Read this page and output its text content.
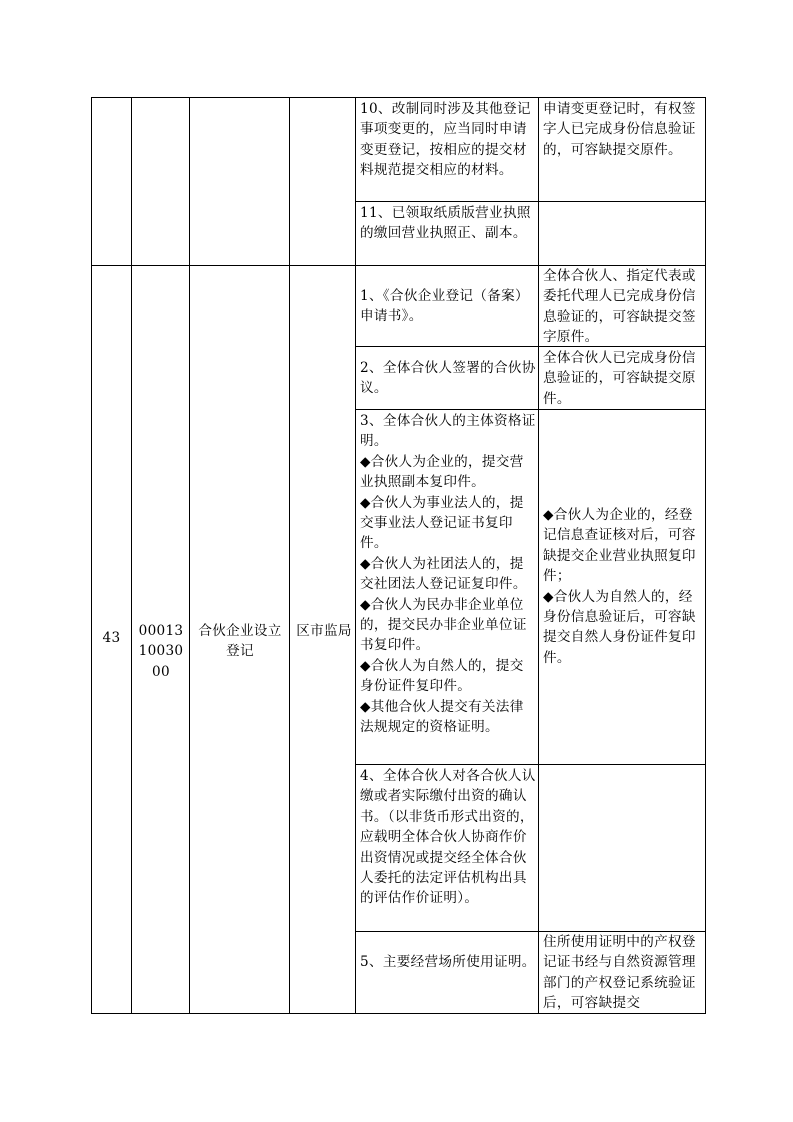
10、改制同时涉及其他登记事项变更的，应当同时申请变更登记，按相应的提交材料规范提交相应的材料。
申请变更登记时，有权签字人已完成身份信息验证的，可容缺提交原件。
11、已领取纸质版营业执照的缴回营业执照正、副本。
43	000131003000
合伙企业设立登记
区市监局
1、《合伙企业登记（备案）申请书》。
全体合伙人、指定代表或委托代理人已完成身份信息验证的，可容缺提交签字原件。
2、全体合伙人签署的合伙协议。
全体合伙人已完成身份信息验证的，可容缺提交原件。
3、全体合伙人的主体资格证明。
◆合伙人为企业的，提交营业执照副本复印件。
◆合伙人为事业法人的，提交事业法人登记证书复印件。
◆合伙人为社团法人的，提交社团法人登记证复印件。
◆合伙人为民办非企业单位的，提交民办非企业单位证书复印件。
◆合伙人为自然人的，提交身份证件复印件。
◆其他合伙人提交有关法律法规规定的资格证明。
◆合伙人为企业的，经登记信息查证核对后，可容缺提交企业营业执照复印件；
◆合伙人为自然人的，经身份信息验证后，可容缺提交自然人身份证件复印件。
4、全体合伙人对各合伙人认缴或者实际缴付出资的确认书。（以非货币形式出资的，应载明全体合伙人协商作价出资情况或提交经全体合伙人委托的法定评估机构出具的评估作价证明）。
5、主要经营场所使用证明。
住所使用证明中的产权登记证书经与自然资源管理部门的产权登记系统验证后，可容缺提交
